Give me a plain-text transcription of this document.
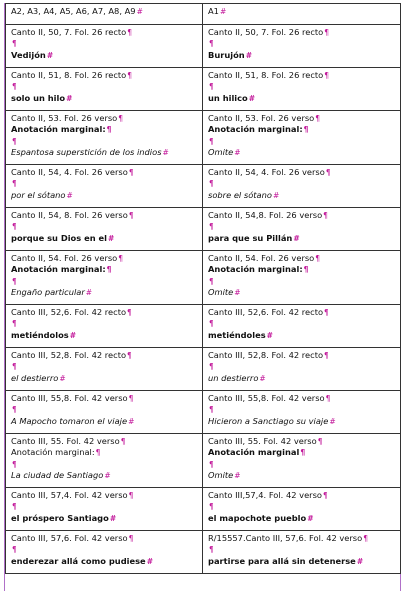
A2, A3, A4, A5, A6, A7, A8, A9#	A1#

Canto II, 50, 7. Fol. 26 recto¶
¶
Vedijón#	Canto II, 50, 7. Fol. 26 recto¶
¶
Burujón#

Canto II, 51, 8. Fol. 26 recto¶
¶
solo un hilo#	Canto II, 51, 8. Fol. 26 recto¶
¶
un hilico#

Canto II, 53. Fol. 26 verso¶
Anotación marginal:¶
¶
Espantosa superstición de los indios#	Canto II, 53. Fol. 26 verso¶
Anotación marginal:¶
¶
Omite#

Canto II, 54, 4. Fol. 26 verso¶
¶
por el sótano#	Canto II, 54, 4. Fol. 26 verso¶
¶
sobre el sótano#

Canto II, 54, 8. Fol. 26 verso¶
¶
porque su Dios en el#	Canto II, 54,8. Fol. 26 verso¶
¶
para que su Pillán#

Canto II, 54. Fol. 26 verso¶
Anotación marginal:¶
¶
Engaño particular#	Canto II, 54. Fol. 26 verso¶
Anotación marginal:¶
¶
Omite#

Canto III, 52,6. Fol. 42 recto¶
¶
metiéndolos#	Canto III, 52,6. Fol. 42 recto¶
¶
metiéndoles#

Canto III, 52,8. Fol. 42 recto¶
¶
el destierro#	Canto III, 52,8. Fol. 42 recto¶
¶
un destierro#

Canto III, 55,8. Fol. 42 verso¶
¶
A Mapocho tomaron el viaje#	Canto III, 55,8. Fol. 42 verso¶
¶
Hicieron a Sanctiago su viaje#

Canto III, 55. Fol. 42 verso¶
Anotación marginal:¶
¶
La ciudad de Santiago#	Canto III, 55. Fol. 42 verso¶
Anotación marginal¶
¶
Omite#

Canto III, 57,4. Fol. 42 verso¶
¶
el próspero Santiago#	Canto III,57,4. Fol. 42 verso¶
¶
el mapochote pueblo#

Canto III, 57,6. Fol. 42 verso¶
¶
enderezar allá como pudiese#	R/15557.Canto III, 57,6. Fol. 42 verso¶
¶
partirse para allá sin detenerse#
